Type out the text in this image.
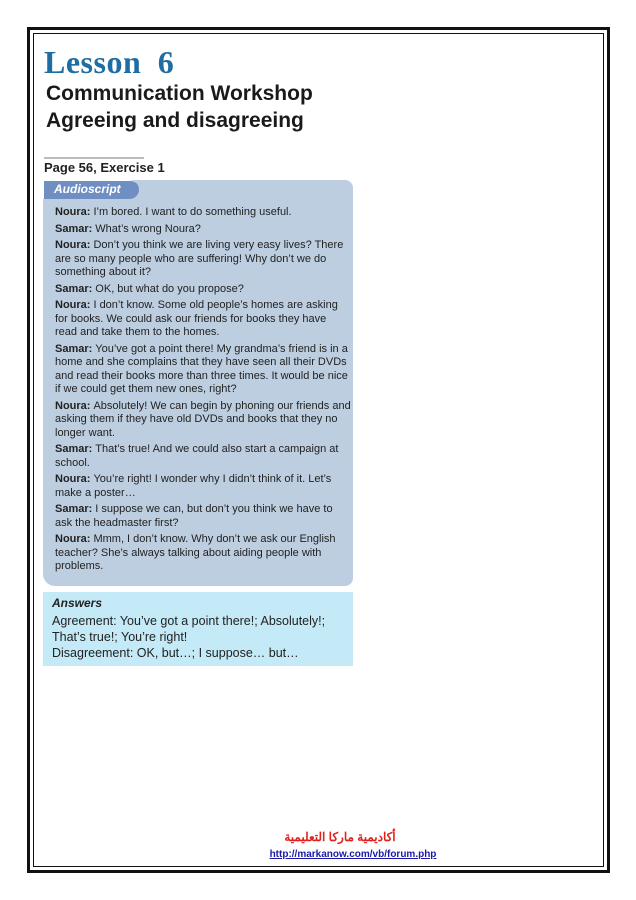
Lesson 6
Communication Workshop
Agreeing and disagreeing
Page 56, Exercise 1
Audioscript
Noura: I’m bored. I want to do something useful.
Samar: What’s wrong Noura?
Noura: Don’t you think we are living very easy lives? There are so many people who are suffering! Why don’t we do something about it?
Samar: OK, but what do you propose?
Noura: I don’t know. Some old people’s homes are asking for books. We could ask our friends for books they have read and take them to the homes.
Samar: You’ve got a point there! My grandma’s friend is in a home and she complains that they have seen all their DVDs and read their books more than three times. It would be nice if we could get them new ones, right?
Noura: Absolutely! We can begin by phoning our friends and asking them if they have old DVDs and books that they no longer want.
Samar: That’s true! And we could also start a campaign at school.
Noura: You’re right! I wonder why I didn’t think of it. Let’s make a poster…
Samar: I suppose we can, but don’t you think we have to ask the headmaster first?
Noura: Mmm, I don’t know. Why don’t we ask our English teacher? She’s always talking about aiding people with problems.
Answers
Agreement: You’ve got a point there!; Absolutely!; That’s true!; You’re right!
Disagreement: OK, but…; I suppose… but…
أكاديمية ماركا التعليمية
http://markanow.com/vb/forum.php
